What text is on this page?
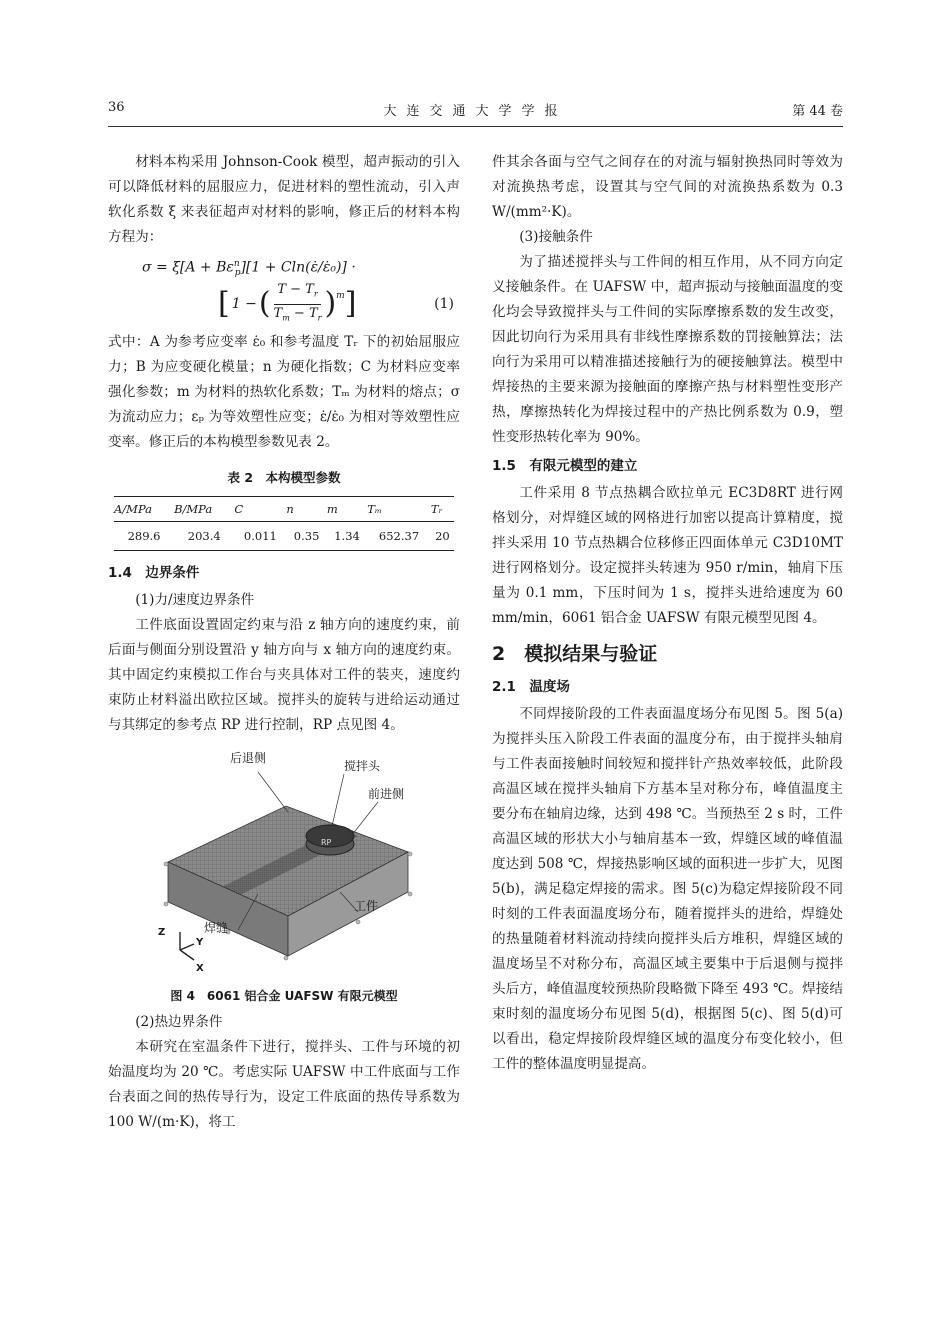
36	大连交通大学学报	第 44 卷

材料本构采用 Johnson-Cook 模型，超声振动的引入可以降低材料的屈服应力，促进材料的塑性流动，引入声软化系数 ξ 来表征超声对材料的影响，修正后的材料本构方程为：

$\sigma = \xi[A + B\varepsilon^n_p][1$ + Cln(ε̇/ε̇₀)] ·
[ 1 − ( $\frac{T - T_r}{T_m - T_r} )^m$ ]	(1)

式中：A 为参考应变率 ε̇₀ 和参考温度 Tᵣ 下的初始屈服应力；B 为应变硬化模量；n 为硬化指数；C 为材料应变率强化参数；m 为材料的热软化系数；Tₘ 为材料的熔点；σ 为流动应力；εₚ 为等效塑性应变；ε̇/ε̇₀ 为相对等效塑性应变率。修正后的本构模型参数见表 2。

表 2　本构模型参数
A/MPa	B/MPa	C	n	m	Tₘ	Tᵣ
289.6	203.4	0.011	0.35	1.34	652.37	20
1.4　边界条件

(1)力/速度边界条件

工件底面设置固定约束与沿 z 轴方向的速度约束，前后面与侧面分别设置沿 y 轴方向与 x 轴方向的速度约束。其中固定约束模拟工作台与夹具体对工件的装夹，速度约束防止材料溢出欧拉区域。搅拌头的旋转与进给运动通过与其绑定的参考点 RP 进行控制，RP 点见图 4。

后退侧
搅拌头
RP
前进侧
工件
焊缝
Z
Y
X
图 4　6061 铝合金 UAFSW 有限元模型

(2)热边界条件

本研究在室温条件下进行，搅拌头、工件与环境的初始温度均为 20 ℃。考虑实际 UAFSW 中工件底面与工作台表面之间的热传导行为，设定工件底面的热传导系数为 100 W/(m·K)，将工

件其余各面与空气之间存在的对流与辐射换热同时等效为对流换热考虑，设置其与空气间的对流换热系数为 0.3 W/(mm²·K)。

(3)接触条件

为了描述搅拌头与工件间的相互作用，从不同方向定义接触条件。在 UAFSW 中，超声振动与接触面温度的变化均会导致搅拌头与工件间的实际摩擦系数的发生改变，因此切向行为采用具有非线性摩擦系数的罚接触算法；法向行为采用可以精准描述接触行为的硬接触算法。模型中焊接热的主要来源为接触面的摩擦产热与材料塑性变形产热，摩擦热转化为焊接过程中的产热比例系数为 0.9，塑性变形热转化率为 90%。

1.5　有限元模型的建立

工件采用 8 节点热耦合欧拉单元 EC3D8RT 进行网格划分，对焊缝区域的网格进行加密以提高计算精度，搅拌头采用 10 节点热耦合位移修正四面体单元 C3D10MT 进行网格划分。设定搅拌头转速为 950 r/min，轴肩下压量为 0.1 mm，下压时间为 1 s，搅拌头进给速度为 60 mm/min，6061 铝合金 UAFSW 有限元模型见图 4。

2　模拟结果与验证
2.1　温度场

不同焊接阶段的工件表面温度场分布见图 5。图 5(a)为搅拌头压入阶段工件表面的温度分布，由于搅拌头轴肩与工件表面接触时间较短和搅拌针产热效率较低，此阶段高温区域在搅拌头轴肩下方基本呈对称分布，峰值温度主要分布在轴肩边缘，达到 498 ℃。当预热至 2 s 时，工件高温区域的形状大小与轴肩基本一致，焊缝区域的峰值温度达到 508 ℃，焊接热影响区域的面积进一步扩大，见图 5(b)，满足稳定焊接的需求。图 5(c)为稳定焊接阶段不同时刻的工件表面温度场分布，随着搅拌头的进给，焊缝处的热量随着材料流动持续向搅拌头后方堆积，焊缝区域的温度场呈不对称分布，高温区域主要集中于后退侧与搅拌头后方，峰值温度较预热阶段略微下降至 493 ℃。焊接结束时刻的温度场分布见图 5(d)，根据图 5(c)、图 5(d)可以看出，稳定焊接阶段焊缝区域的温度分布变化较小，但工件的整体温度明显提高。
